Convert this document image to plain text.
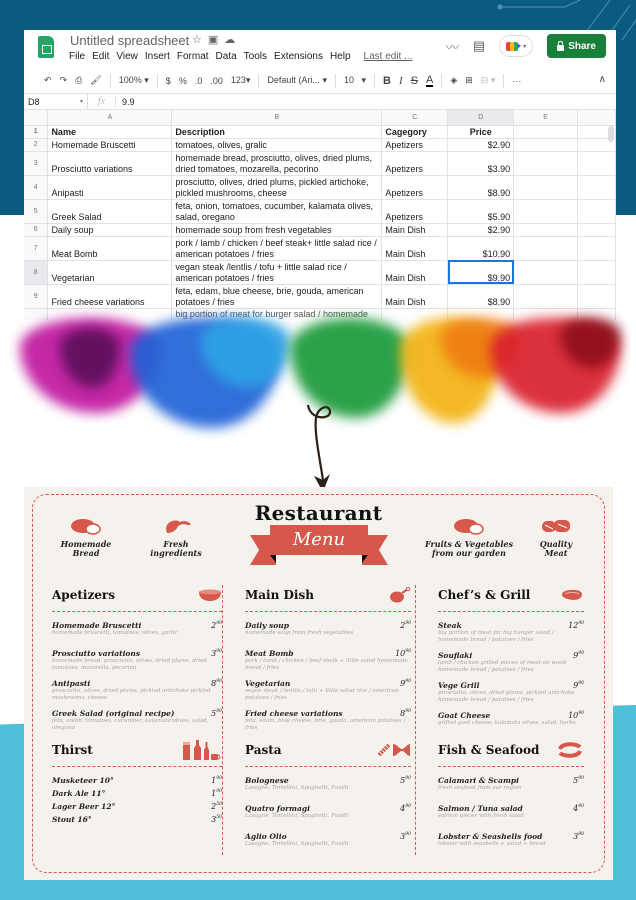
Untitled spreadsheet ☆▣☁
File Edit View Insert Format Data Tools Extensions Help Last edit ...
〰 ▤	▾	Share
↶ ↷ ⎙ 🖌 100% ▾ $ % .0 .00 123▾ Default (Ari... ▾ 10   ▾ B I S A ◈ ⊞ ⊟ ▾ ···	∧
D8	▾	fx	9.9
	A	B	C	D	E	
1	Name	Description	Cagegory	Price		
2	Homemade Bruscetti	tomatoes, olives, gralic	Apetizers	$2.90		
3	Prosciutto variations	homemade bread, prosciutto, olives, dried plums, dried tomatoes, mozarella, pecorino	Apetizers	$3.90		
4	Anipasti	prosciutto, olives, dried plums, pickled artichoke, pickled mushrooms, cheese	Apetizers	$8.90		
5	Greek Salad	feta, onion, tomatoes, cucumber, kalamata olives, salad, oregano	Apetizers	$5.90		
6	Daily soup	homemade soup from fresh vegetables	Main Dish	$2.90		
7	Meat Bomb	pork / lamb / chicken / beef steak+ little salad rice / american potatoes / fries	Main Dish	$10.90		
8	Vegetarian	vegan steak /lentlis / tofu + little salad rice / american potatoes / fries	Main Dish	$9.90		
9	Fried cheese variations	feta, edam, blue cheese, brie, gouda, american potatoes / fries	Main Dish	$8.90		
		big portion of meat for burger salad / homemade				
Restaurant
Menu
Homemade
Bread
Fresh
ingredients
Fruits & Vegetables
from our garden
Quality
Meat
Apetizers
Homemade Bruscetti
homemade bruscetti, tomatoes, olives, garlic
$2^{90}$
Prosciutto variations
homemade bread, prosciutto, olives, dried plums, dried tomatoes, mozarella, pecorino
$3^{90}$
Antipasti
prosciutto, olives, dried plums, pickled artichoke pickled mushrooms, cheese
$8^{90}$
Greek Salad (original recipe)
feta, onion, tomatoes, cucumber, kalamata olives, salad, oregano
$5^{90}$
Main Dish
Daily soup
homemade soup from fresh vegetables
$2^{90}$
Meat Bomb
pork / lamb / chicken / beef steak + little salad homemade bread / fries
$10^{90}$
Vegetarian
vegan steak / lentils / tofu + little salad rice / american potatoes / fries
$9^{90}$
Fried cheese variations
feta, edam, blue cheese, brie, gouda, american potatoes / fries
$8^{90}$
Chef’s & Grill
Steak
big portion of meat for big hunger salad / homemade bread / potatoes / fries
$12^{90}$
Souflaki
lamb / chicken grilled pieces of meat on wood homemade bread / potatoes / fries
$9^{90}$
Vege Grill
prosciutto, olives, dried plums, pickled artichoke homemade bread / potatoes / fries
$9^{90}$
Goat Cheese
grilled goat cheese, kalamata olives, salad, herbs
$10^{90}$
Thirst
Musketeer 10°	$1^{90}$
Dark Ale 11°	$1^{90}$
Lager Beer 12°	$2^{50}$
Stout 16°	$3^{50}$
Pasta
Bolognese
Lasagne, Tortellini, Spaghetti, Fusilli
$5^{90}$
Quatro formagi
Lasagne, Tortellini, Spaghetti, Fusilli
$4^{90}$
Aglio Olio
Lasagne, Tortellini, Spaghetti, Fusilli
$3^{90}$
Fish & Seafood
Calamari & Scampi
fresh seafood from our region
$5^{90}$
Salmon / Tuna salad
salmon pieces with fresh salad
$4^{90}$
Lobster & Seashells food
lobster with seashells + salad + bread
$3^{90}$
